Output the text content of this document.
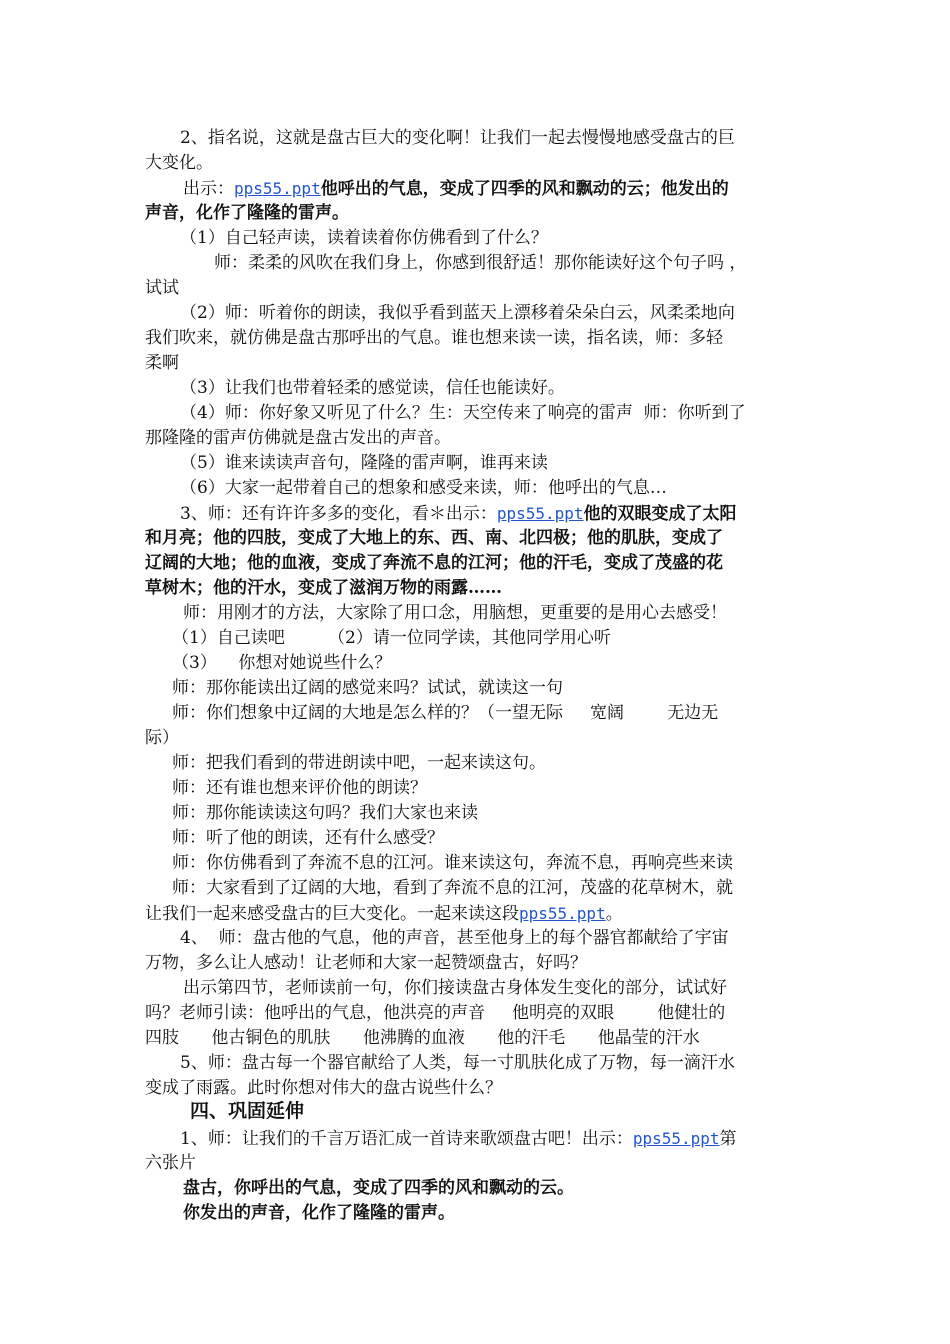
2、指名说，这就是盘古巨大的变化啊！让我们一起去慢慢地感受盘古的巨
大变化。
出示：pps55.ppt他呼出的气息，变成了四季的风和飘动的云；他发出的
声音，化作了隆隆的雷声。
（1）自己轻声读，读着读着你仿佛看到了什么？
师：柔柔的风吹在我们身上，你感到很舒适！那你能读好这个句子吗 ，
试试
（2）师：听着你的朗读，我似乎看到蓝天上漂移着朵朵白云，风柔柔地向
我们吹来，就仿佛是盘古那呼出的气息。谁也想来读一读，指名读，师：多轻
柔啊
（3）让我们也带着轻柔的感觉读，信任也能读好。
（4）师：你好象又听见了什么？生：天空传来了响亮的雷声  师：你听到了
那隆隆的雷声仿佛就是盘古发出的声音。
（5）谁来读读声音句，隆隆的雷声啊，谁再来读
（6）大家一起带着自己的想象和感受来读，师：他呼出的气息…
3、师：还有许许多多的变化，看＊出示：pps55.ppt他的双眼变成了太阳
和月亮；他的四肢，变成了大地上的东、西、南、北四极；他的肌肤，变成了
辽阔的大地；他的血液，变成了奔流不息的江河；他的汗毛，变成了茂盛的花
草树木；他的汗水，变成了滋润万物的雨露……
师：用刚才的方法，大家除了用口念，用脑想，更重要的是用心去感受！
（1）自己读吧        （2）请一位同学读，其他同学用心听
（3）    你想对她说些什么？
师：那你能读出辽阔的感觉来吗？试试，就读这一句
师：你们想象中辽阔的大地是怎么样的？（一望无际     宽阔        无边无
际）
师：把我们看到的带进朗读中吧，一起来读这句。
师：还有谁也想来评价他的朗读？
师：那你能读读这句吗？我们大家也来读
师：听了他的朗读，还有什么感受？
师：你仿佛看到了奔流不息的江河。谁来读这句，奔流不息，再响亮些来读
师：大家看到了辽阔的大地，看到了奔流不息的江河，茂盛的花草树木，就
让我们一起来感受盘古的巨大变化。一起来读这段pps55.ppt。
4、  师：盘古他的气息，他的声音，甚至他身上的每个器官都献给了宇宙
万物，多么让人感动！让老师和大家一起赞颂盘古，好吗？
出示第四节，老师读前一句，你们接读盘古身体发生变化的部分，试试好
吗？老师引读：他呼出的气息，他洪亮的声音     他明亮的双眼        他健壮的
四肢      他古铜色的肌肤      他沸腾的血液      他的汗毛      他晶莹的汗水
5、师：盘古每一个器官献给了人类，每一寸肌肤化成了万物，每一滴汗水
变成了雨露。此时你想对伟大的盘古说些什么？
四、巩固延伸
1、师：让我们的千言万语汇成一首诗来歌颂盘古吧！出示：pps55.ppt第
六张片
盘古，你呼出的气息，变成了四季的风和飘动的云。
你发出的声音，化作了隆隆的雷声。
